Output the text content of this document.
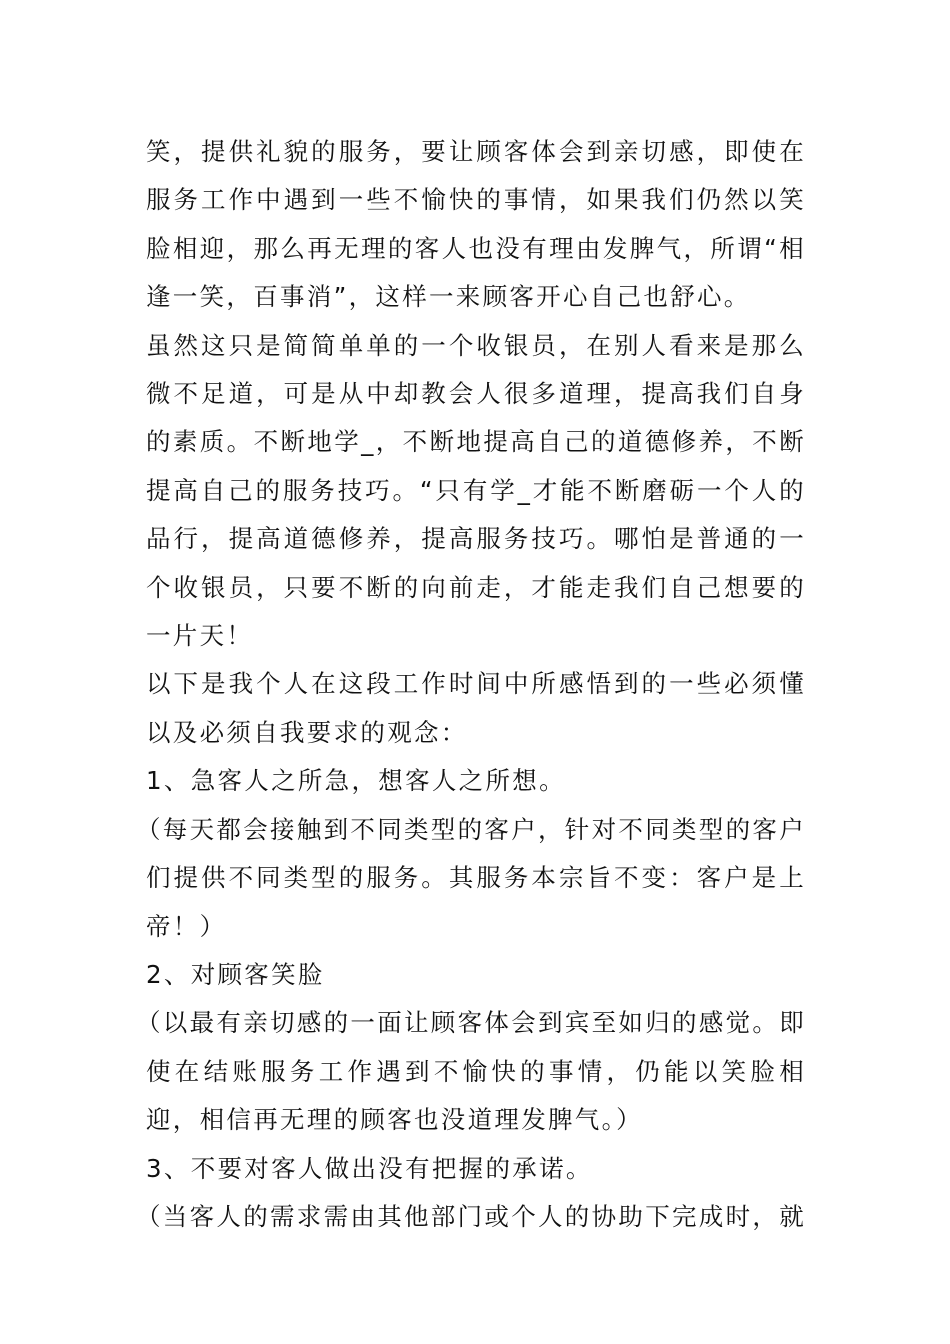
笑，提供礼貌的服务，要让顾客体会到亲切感，即使在服务工作中遇到一些不愉快的事情，如果我们仍然以笑脸相迎，那么再无理的客人也没有理由发脾气，所谓“相逢一笑，百事消”，这样一来顾客开心自己也舒心。

虽然这只是简简单单的一个收银员，在别人看来是那么微不足道，可是从中却教会人很多道理，提高我们自身的素质。不断地学_，不断地提高自己的道德修养，不断提高自己的服务技巧。“只有学_才能不断磨砺一个人的品行，提高道德修养，提高服务技巧。哪怕是普通的一个收银员，只要不断的向前走，才能走我们自己想要的一片天！

以下是我个人在这段工作时间中所感悟到的一些必须懂以及必须自我要求的观念：

1、急客人之所急，想客人之所想。

（每天都会接触到不同类型的客户，针对不同类型的客户们提供不同类型的服务。其服务本宗旨不变：客户是上帝！）

2、对顾客笑脸

（以最有亲切感的一面让顾客体会到宾至如归的感觉。即使在结账服务工作遇到不愉快的事情，仍能以笑脸相迎，相信再无理的顾客也没道理发脾气。）

3、不要对客人做出没有把握的承诺。

（当客人的需求需由其他部门或个人的协助下完成时，就
